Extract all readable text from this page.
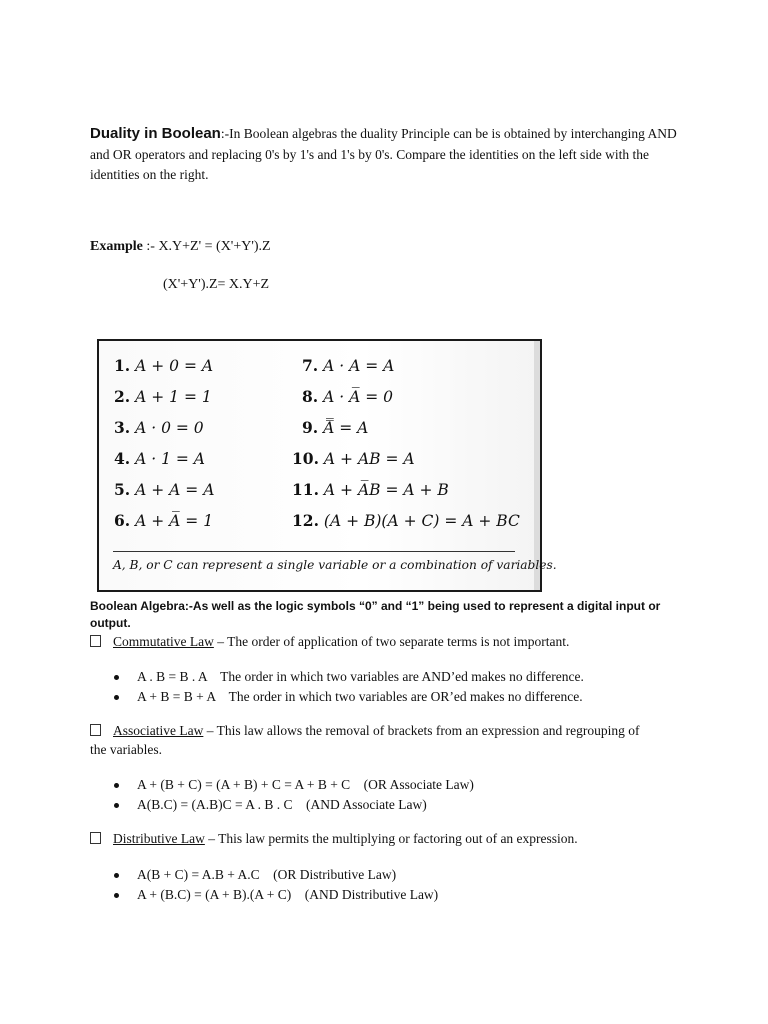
Duality in Boolean:-In Boolean algebras the duality Principle can be is obtained by interchanging AND and OR operators and replacing 0's by 1's and 1's by 0's. Compare the identities on the left side with the identities on the right.
Example :- X.Y+Z' = (X'+Y').Z
(X'+Y').Z= X.Y+Z
1. A + 0 = A	7. A · A = A
2. A + 1 = 1	8. A · A̅ = 0
3. A · 0 = 0	9. A̿ = A
4. A · 1 = A	10. A + AB = A
5. A + A = A	11. A + A̅B = A + B
6. A + A̅ = 1	12. (A + B)(A + C) = A + BC
A, B, or C can represent a single variable or a combination of variables.
Boolean Algebra:-As well as the logic symbols “0” and “1” being used to represent a digital input or output.
Commutative Law – The order of application of two separate terms is not important.
A . B = B . A    The order in which two variables are AND’ed makes no difference.
A + B = B + A    The order in which two variables are OR’ed makes no difference.
Associative Law – This law allows the removal of brackets from an expression and regrouping of the variables.
A + (B + C) = (A + B) + C = A + B + C    (OR Associate Law)
A(B.C) = (A.B)C = A . B . C    (AND Associate Law)
Distributive Law – This law permits the multiplying or factoring out of an expression.
A(B + C) = A.B + A.C    (OR Distributive Law)
A + (B.C) = (A + B).(A + C)    (AND Distributive Law)
